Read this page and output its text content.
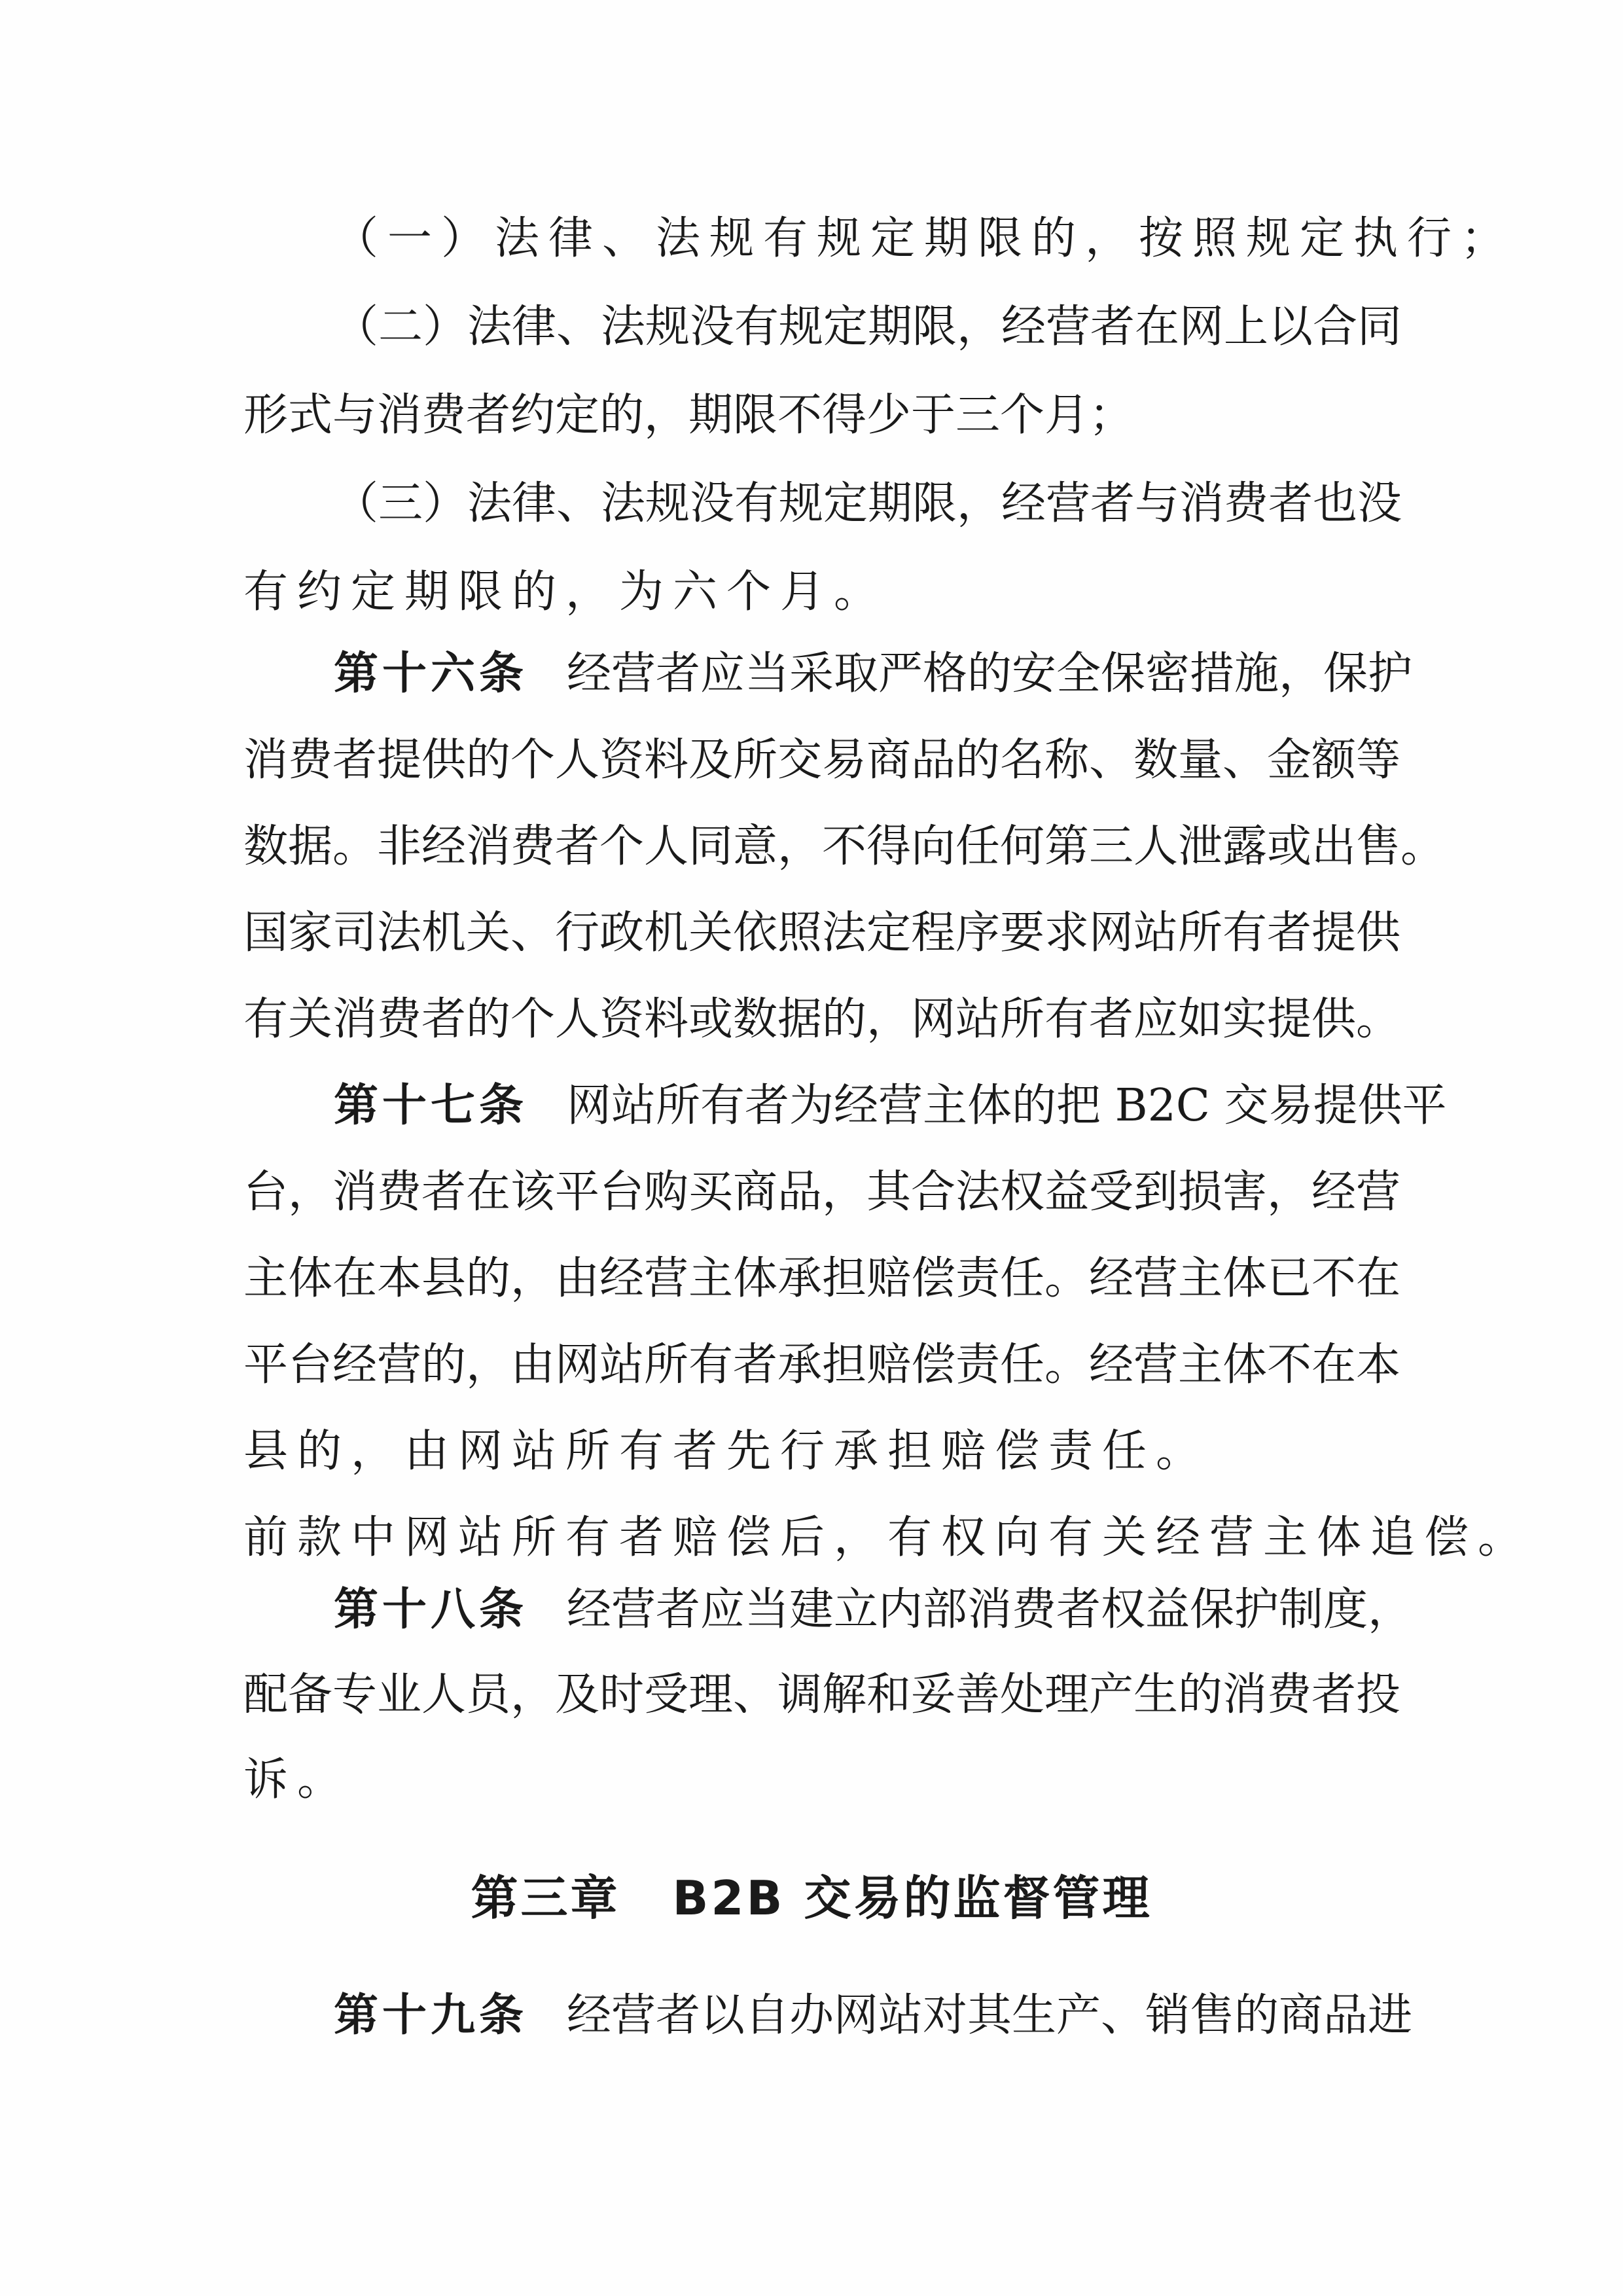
（一）法律、法规有规定期限的，按照规定执行；
（二）法律、法规没有规定期限，经营者在网上以合同
形式与消费者约定的，期限不得少于三个月；
（三）法律、法规没有规定期限，经营者与消费者也没
有约定期限的，为六个月。
第十六条 经营者应当采取严格的安全保密措施，保护
消费者提供的个人资料及所交易商品的名称、数量、金额等
数据。非经消费者个人同意，不得向任何第三人泄露或出售。
国家司法机关、行政机关依照法定程序要求网站所有者提供
有关消费者的个人资料或数据的，网站所有者应如实提供。
第十七条 网站所有者为经营主体的把 B2C 交易提供平
台，消费者在该平台购买商品，其合法权益受到损害，经营
主体在本县的，由经营主体承担赔偿责任。经营主体已不在
平台经营的，由网站所有者承担赔偿责任。经营主体不在本
县的，由网站所有者先行承担赔偿责任。
前款中网站所有者赔偿后，有权向有关经营主体追偿。
第十八条 经营者应当建立内部消费者权益保护制度，
配备专业人员，及时受理、调解和妥善处理产生的消费者投
诉。
第三章 B2B 交易的监督管理
第十九条 经营者以自办网站对其生产、销售的商品进
